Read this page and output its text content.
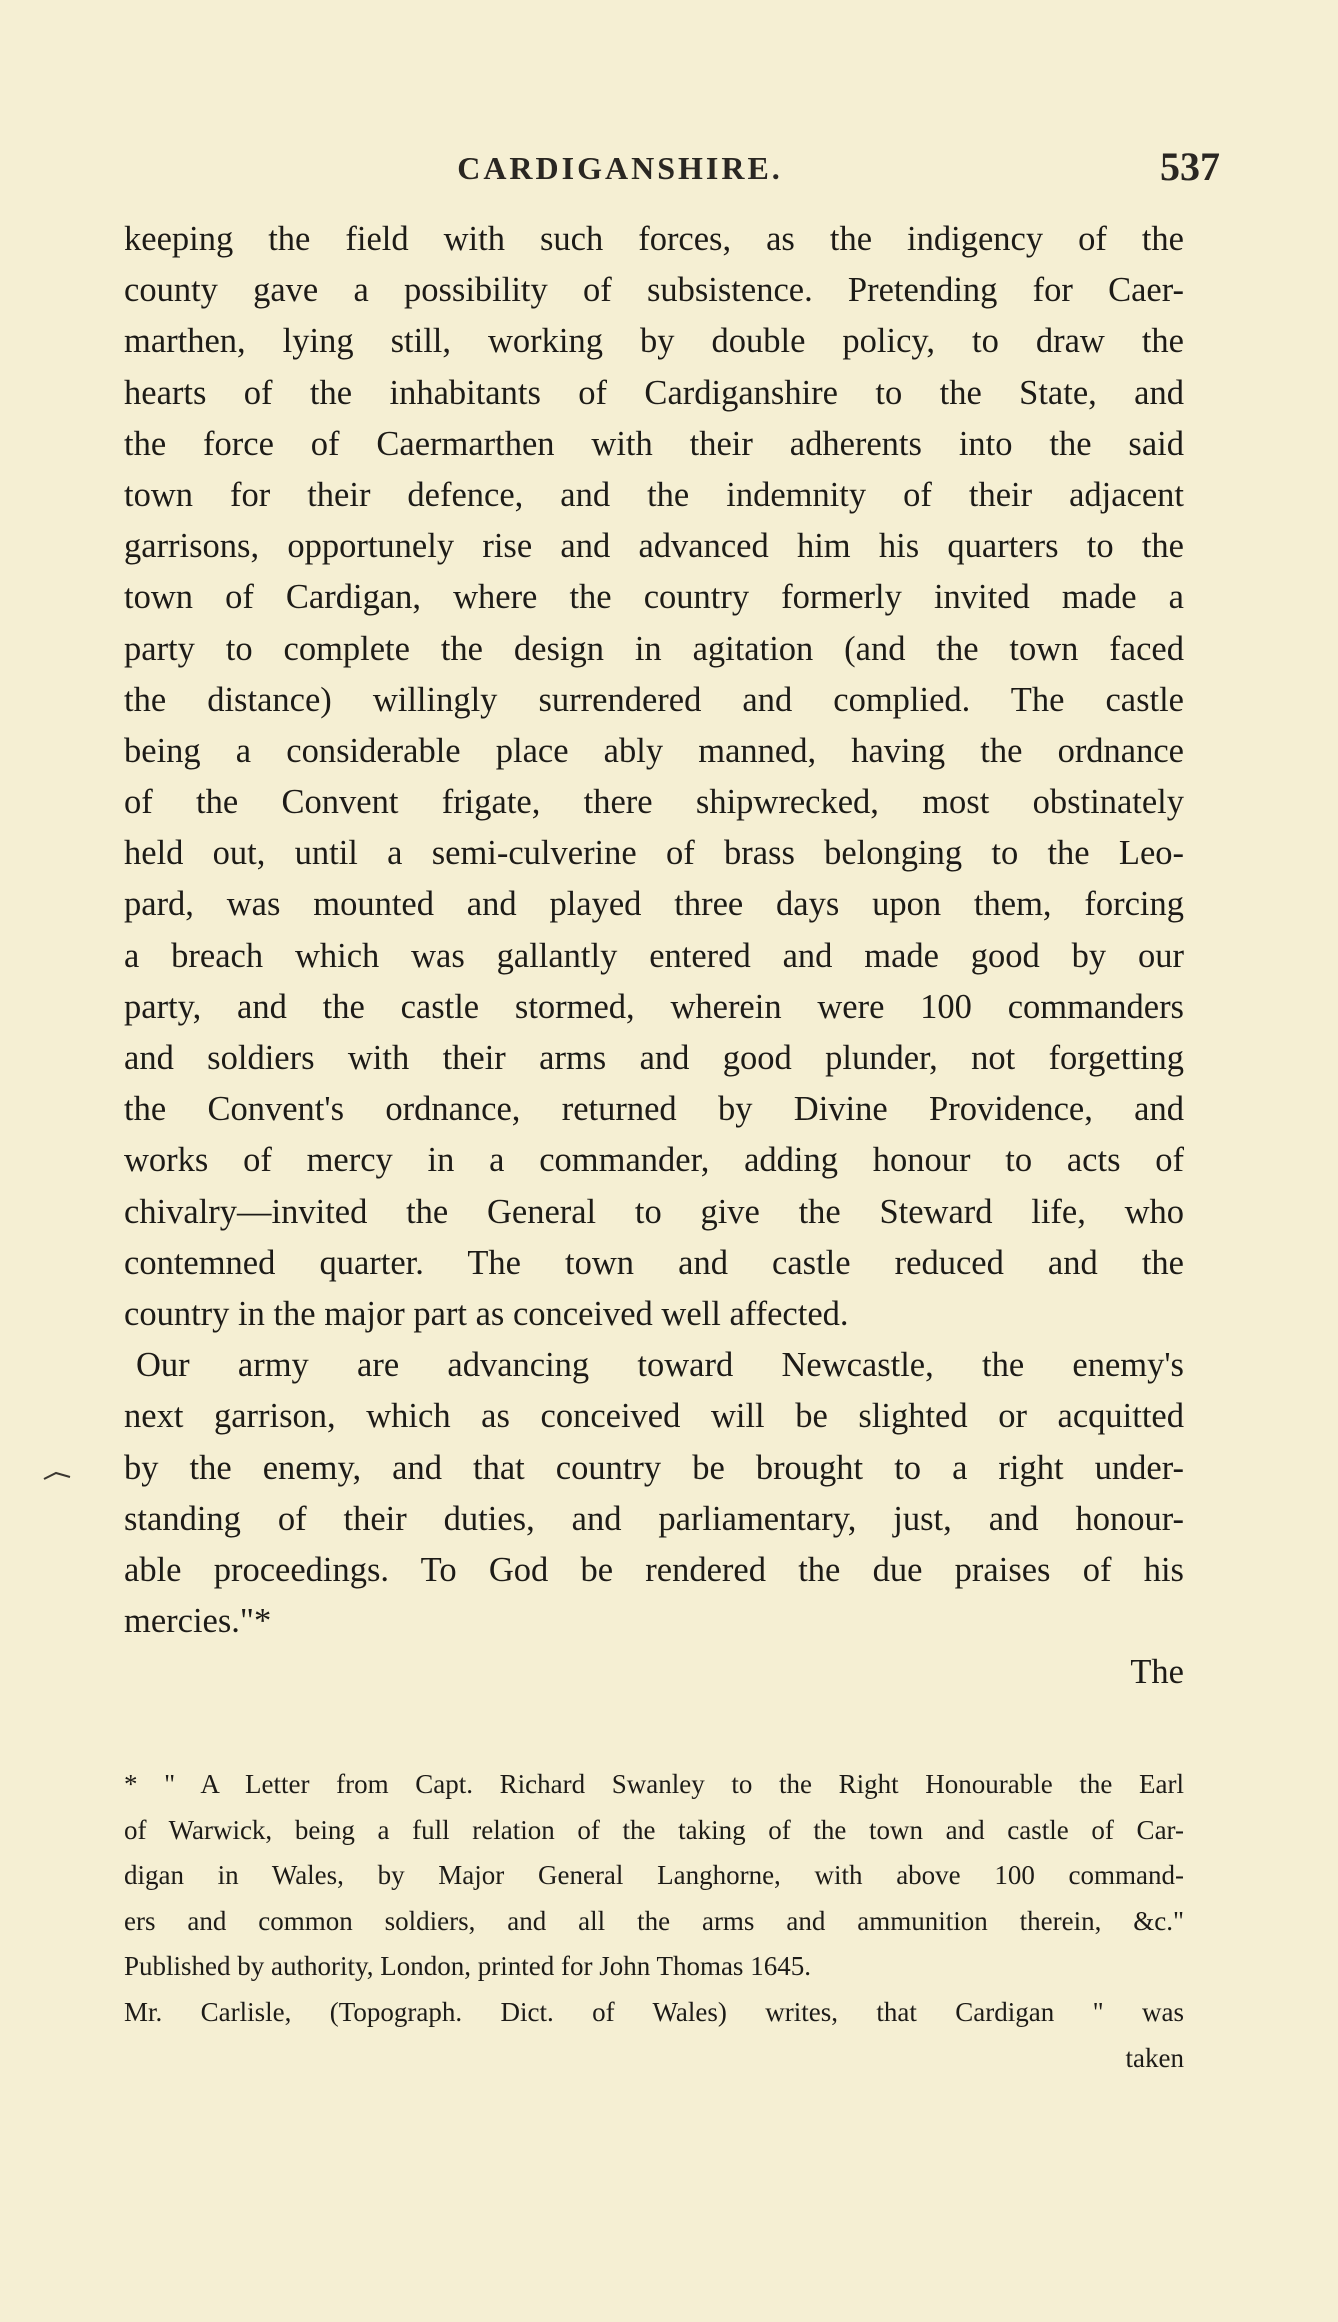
CARDIGANSHIRE.	537
keeping the field with such forces, as the indigency of the
county gave a possibility of subsistence. Pretending for Caer-
marthen, lying still, working by double policy, to draw the
hearts of the inhabitants of Cardiganshire to the State, and
the force of Caermarthen with their adherents into the said
town for their defence, and the indemnity of their adjacent
garrisons, opportunely rise and advanced him his quarters to the
town of Cardigan, where the country formerly invited made a
party to complete the design in agitation (and the town faced
the distance) willingly surrendered and complied. The castle
being a considerable place ably manned, having the ordnance
of the Convent frigate, there shipwrecked, most obstinately
held out, until a semi-culverine of brass belonging to the Leo-
pard, was mounted and played three days upon them, forcing
a breach which was gallantly entered and made good by our
party, and the castle stormed, wherein were 100 commanders
and soldiers with their arms and good plunder, not forgetting
the Convent's ordnance, returned by Divine Providence, and
works of mercy in a commander, adding honour to acts of
chivalry—invited the General to give the Steward life, who
contemned quarter. The town and castle reduced and the
country in the major part as conceived well affected.
Our army are advancing toward Newcastle, the enemy's
next garrison, which as conceived will be slighted or acquitted
by the enemy, and that country be brought to a right under-
standing of their duties, and parliamentary, just, and honour-
able proceedings. To God be rendered the due praises of his
mercies."*
The
* " A Letter from Capt. Richard Swanley to the Right Honourable the Earl
of Warwick, being a full relation of the taking of the town and castle of Car-
digan in Wales, by Major General Langhorne, with above 100 command-
ers and common soldiers, and all the arms and ammunition therein, &c."
Published by authority, London, printed for John Thomas 1645.
Mr. Carlisle, (Topograph. Dict. of Wales) writes, that Cardigan " was
taken
